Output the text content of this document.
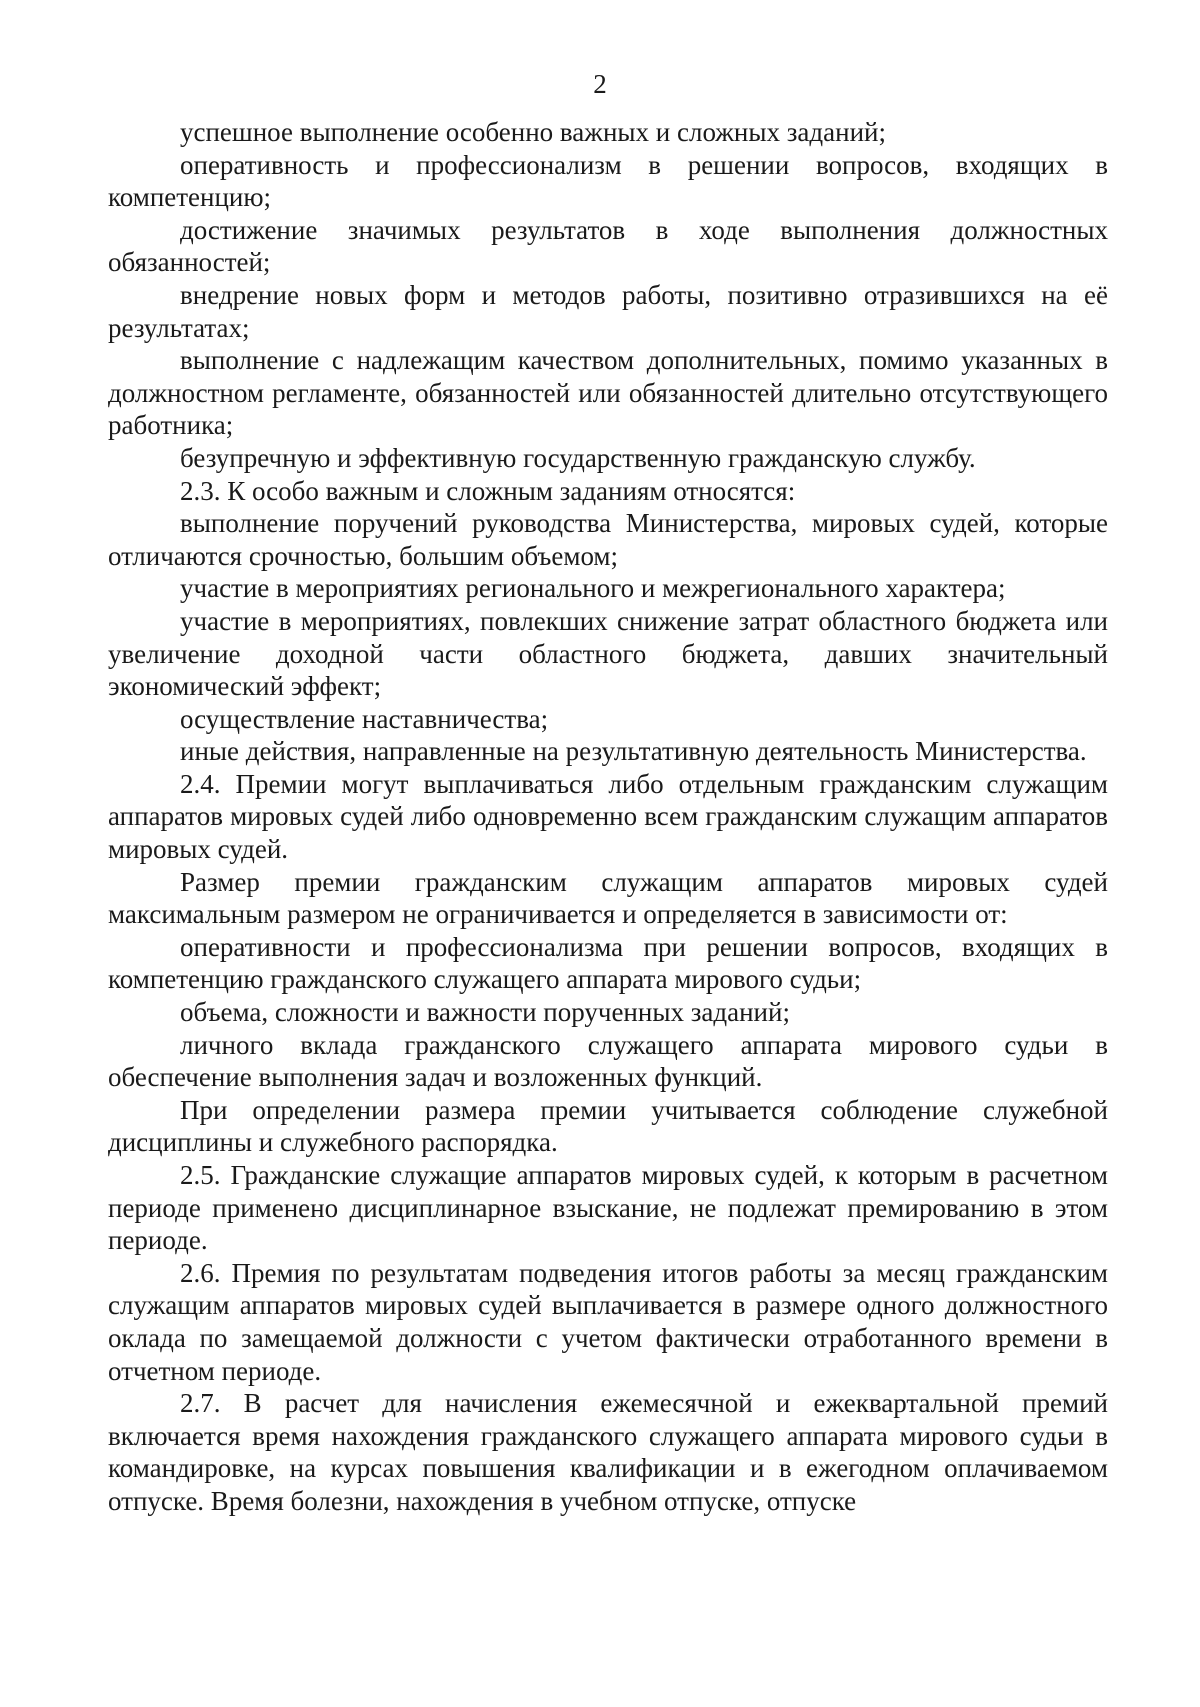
2

успешное выполнение особенно важных и сложных заданий;

оперативность и профессионализм в решении вопросов, входящих в компетенцию;

достижение значимых результатов в ходе выполнения должностных обязанностей;

внедрение новых форм и методов работы, позитивно отразившихся на её результатах;

выполнение с надлежащим качеством дополнительных, помимо указанных в должностном регламенте, обязанностей или обязанностей длительно отсутствующего работника;

безупречную и эффективную государственную гражданскую службу.

2.3. К особо важным и сложным заданиям относятся:

выполнение поручений руководства Министерства, мировых судей, которые отличаются срочностью, большим объемом;

участие в мероприятиях регионального и межрегионального характера;

участие в мероприятиях, повлекших снижение затрат областного бюджета или увеличение доходной части областного бюджета, давших значительный экономический эффект;

осуществление наставничества;

иные действия, направленные на результативную деятельность Министерства.

2.4. Премии могут выплачиваться либо отдельным гражданским служащим аппаратов мировых судей либо одновременно всем гражданским служащим аппаратов мировых судей.

Размер премии гражданским служащим аппаратов мировых судей максимальным размером не ограничивается и определяется в зависимости от:

оперативности и профессионализма при решении вопросов, входящих в компетенцию гражданского служащего аппарата мирового судьи;

объема, сложности и важности порученных заданий;

личного вклада гражданского служащего аппарата мирового судьи в обеспечение выполнения задач и возложенных функций.

При определении размера премии учитывается соблюдение служебной дисциплины и служебного распорядка.

2.5. Гражданские служащие аппаратов мировых судей, к которым в расчетном периоде применено дисциплинарное взыскание, не подлежат премированию в этом периоде.

2.6. Премия по результатам подведения итогов работы за месяц гражданским служащим аппаратов мировых судей выплачивается в размере одного должностного оклада по замещаемой должности с учетом фактически отработанного времени в отчетном периоде.

2.7. В расчет для начисления ежемесячной и ежеквартальной премий включается время нахождения гражданского служащего аппарата мирового судьи в командировке, на курсах повышения квалификации и в ежегодном оплачиваемом отпуске. Время болезни, нахождения в учебном отпуске, отпуске
